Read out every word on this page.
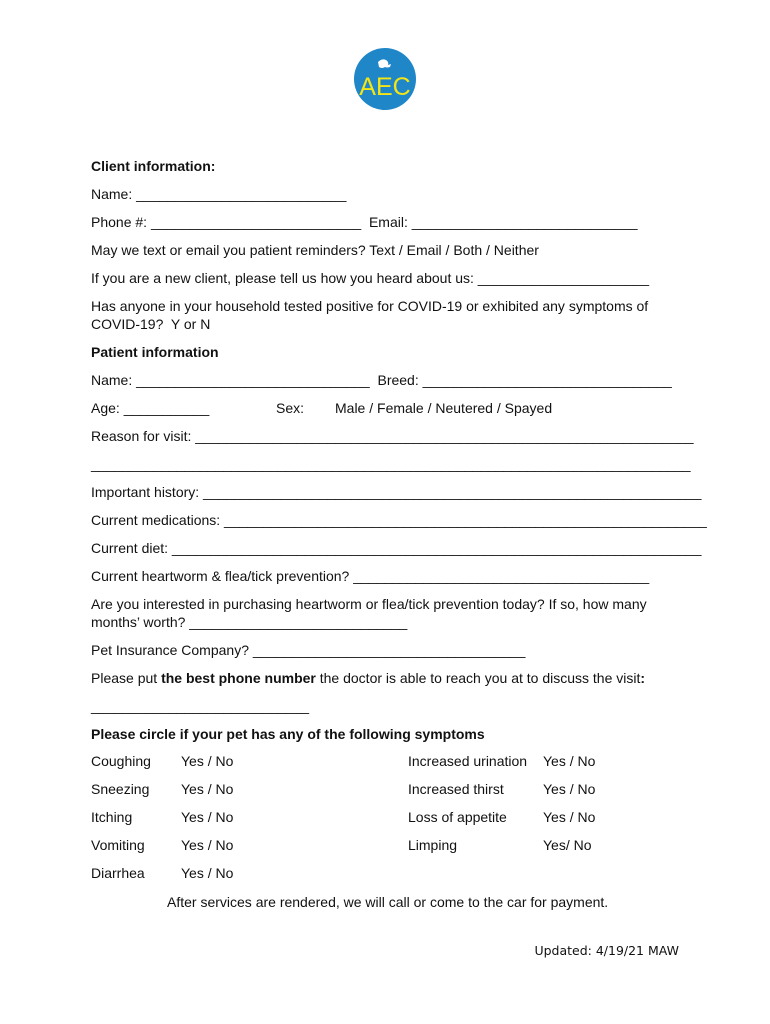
AEC
Client information:
Name: ___________________________
Phone #: ___________________________  Email: _____________________________
May we text or email you patient reminders? Text / Email / Both / Neither
If you are a new client, please tell us how you heard about us: ______________________
Has anyone in your household tested positive for COVID-19 or exhibited any symptoms of
COVID-19?  Y or N
Patient information
Name: ______________________________  Breed: ________________________________
Age: ___________	Sex: Male / Female / Neutered / Spayed
Reason for visit: ________________________________________________________________
_____________________________________________________________________________
Important history: ________________________________________________________________
Current medications: ______________________________________________________________
Current diet: ____________________________________________________________________
Current heartworm & flea/tick prevention? ______________________________________
Are you interested in purchasing heartworm or flea/tick prevention today? If so, how many
months’ worth? ____________________________
Pet Insurance Company? ___________________________________
Please put the best phone number the doctor is able to reach you at to discuss the visit:
____________________________
Please circle if your pet has any of the following symptoms
Coughing Yes / No	Increased urination Yes / No
Sneezing Yes / No	Increased thirst	Yes / No
Itching	Yes / No	Loss of appetite	Yes / No
Vomiting	Yes / No	Limping	Yes/ No
Diarrhea	Yes / No
After services are rendered, we will call or come to the car for payment.
Updated: 4/19/21 MAW
